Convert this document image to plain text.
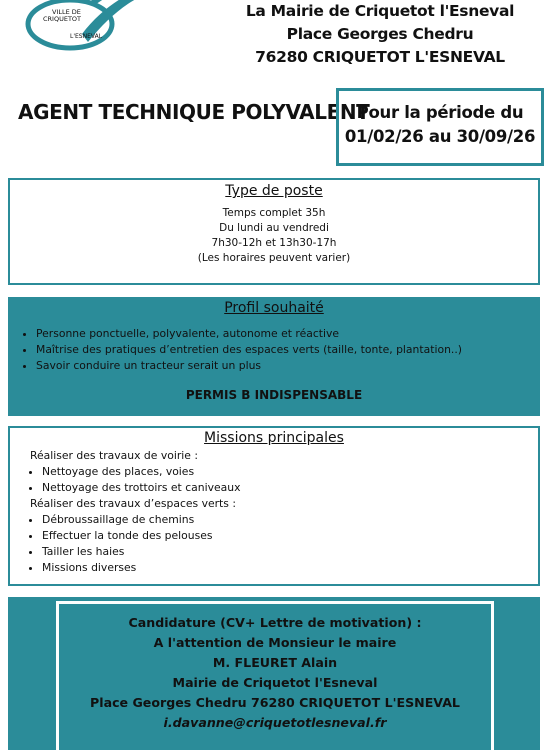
VILLE DE
CRIQUETOT
L'ESNEVAL
La Mairie de Criquetot l'Esneval
Place Georges Chedru
76280 CRIQUETOT L'ESNEVAL
AGENT TECHNIQUE POLYVALENT
Pour la période du
01/02/26 au 30/09/26
Type de poste
Temps complet 35h
Du lundi au vendredi
7h30-12h et 13h30-17h
(Les horaires peuvent varier)
Profil souhaité
• Personne ponctuelle, polyvalente, autonome et réactive
• Maîtrise des pratiques d’entretien des espaces verts (taille, tonte, plantation..)
• Savoir conduire un tracteur serait un plus
PERMIS B INDISPENSABLE
Missions principales
Réaliser des travaux de voirie :
• Nettoyage des places, voies
• Nettoyage des trottoirs et caniveaux
Réaliser des travaux d’espaces verts :
• Débroussaillage de chemins
• Effectuer la tonde des pelouses
• Tailler les haies
• Missions diverses
Candidature (CV+ Lettre de motivation) :
A l'attention de Monsieur le maire
M. FLEURET Alain
Mairie de Criquetot l'Esneval
Place Georges Chedru 76280 CRIQUETOT L'ESNEVAL
i.davanne@criquetotlesneval.fr
